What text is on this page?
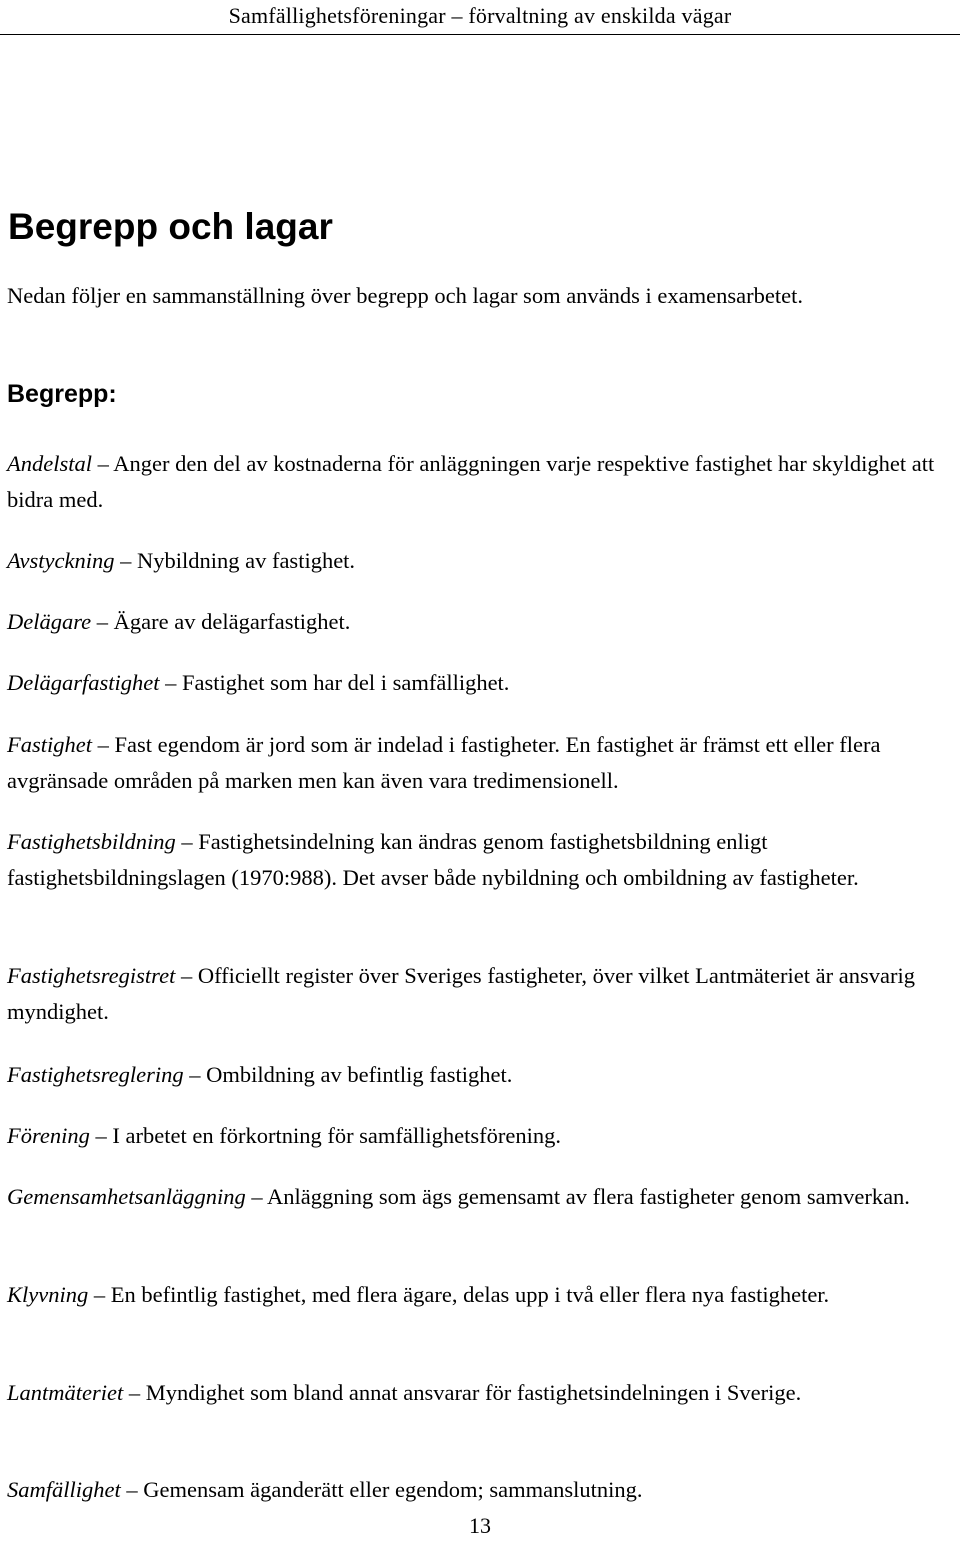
Samfällighetsföreningar – förvaltning av enskilda vägar
Begrepp och lagar

Nedan följer en sammanställning över begrepp och lagar som används i examensarbetet.

Begrepp:

Andelstal – Anger den del av kostnaderna för anläggningen varje respektive fastighet har skyldighet att bidra med.

Avstyckning – Nybildning av fastighet.

Delägare – Ägare av delägarfastighet.

Delägarfastighet – Fastighet som har del i samfällighet.

Fastighet – Fast egendom är jord som är indelad i fastigheter. En fastighet är främst ett eller flera avgränsade områden på marken men kan även vara tredimensionell.

Fastighetsbildning – Fastighetsindelning kan ändras genom fastighetsbildning enligt fastighetsbildningslagen (1970:988). Det avser både nybildning och ombildning av fastigheter.

Fastighetsregistret – Officiellt register över Sveriges fastigheter, över vilket Lantmäteriet är ansvarig myndighet.

Fastighetsreglering – Ombildning av befintlig fastighet.

Förening – I arbetet en förkortning för samfällighetsförening.

Gemensamhetsanläggning – Anläggning som ägs gemensamt av flera fastigheter genom samverkan.

Klyvning – En befintlig fastighet, med flera ägare, delas upp i två eller flera nya fastigheter.

Lantmäteriet – Myndighet som bland annat ansvarar för fastighetsindelningen i Sverige.

Samfällighet – Gemensam äganderätt eller egendom; sammanslutning.

13
